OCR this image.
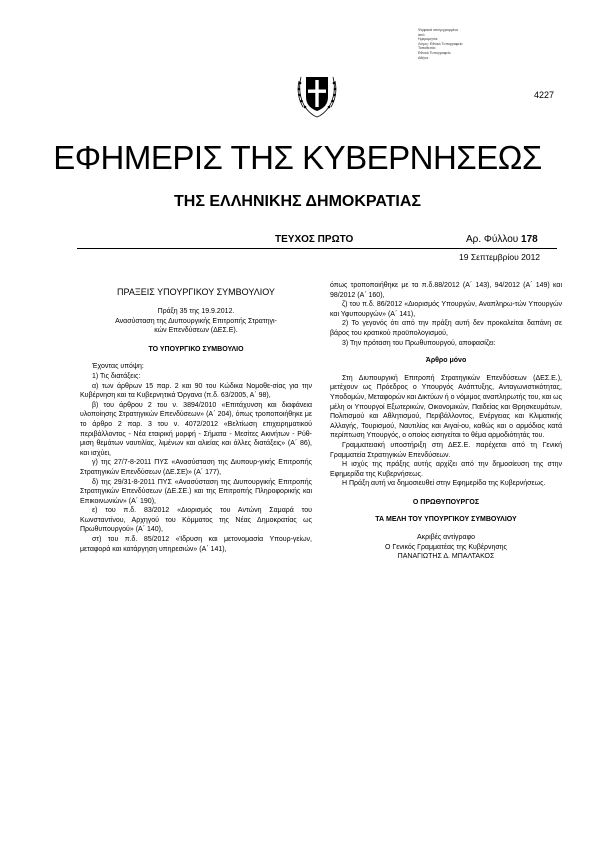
Ψηφιακά υπογεγραμμένο
από
Ημερομηνία:
Λόγος: Εθνικό Τυπογραφείο
Τοποθεσία:
Εθνικό Τυπογραφείο
Αθήνα
4227
ΕΦΗΜΕΡΙΣ ΤΗΣ ΚΥΒΕΡΝΗΣΕΩΣ
ΤΗΣ ΕΛΛΗΝΙΚΗΣ ΔΗΜΟΚΡΑΤΙΑΣ
ΤΕΥΧΟΣ ΠΡΩΤΟ	Αρ. Φύλλου 178
19 Σεπτεμβρίου 2012

ΠΡΑΞΕΙΣ ΥΠΟΥΡΓΙΚΟΥ ΣΥΜΒΟΥΛΙΟΥ

Πράξη 35 της 19.9.2012.

Ανασύσταση της Διυπουργικής Επιτροπής Στρατηγι-

κών Επενδύσεων (ΔΕΣ.Ε).

ΤΟ ΥΠΟΥΡΓΙΚΟ ΣΥΜΒΟΥΛΙΟ

Έχοντας υπόψη:

1) Τις διατάξεις:

α) των άρθρων 15 παρ. 2 και 90 του Κώδικα Νομοθε-σίας για την Κυβέρνηση και τα Κυβερνητικά Όργανα (π.δ. 63/2005, Α΄ 98),

β) του άρθρου 2 του ν. 3894/2010 «Επιτάχυνση και διαφάνεια υλοποίησης Στρατηγικών Επενδύσεων» (Α΄ 204), όπως τροποποιήθηκε με το άρθρο 2 παρ. 3 του ν. 4072/2012 «Βελτίωση επιχειρηματικού περιβάλλοντος - Νέα εταιρική μορφή - Σήματα - Μεσίτες Ακινήτων - Ρύθ-μιση θεμάτων ναυτιλίας, λιμένων και αλιείας και άλλες διατάξεις» (Α΄ 86), και ισχύει,

γ) της 27/7-8-2011 ΠΥΣ «Ανασύσταση της Διυπουρ-γικής Επιτροπής Στρατηγικών Επενδύσεων (ΔΕ.ΣΕ)» (Α΄ 177),

δ) της 29/31-8-2011 ΠΥΣ «Ανασύσταση της Διυπουργικής Επιτροπής Στρατηγικών Επενδύσεων (ΔΕ.ΣΕ.) και της Επιτροπής Πληροφορικής και Επικοινωνιών» (Α΄ 190),

ε) του π.δ. 83/2012 «Διορισμός του Αντώνη Σαμαρά του Κωνσταντίνου, Αρχηγού του Κόμματος της Νέας Δημοκρατίας ως Πρωθυπουργού» (Α΄ 140),

στ) του π.δ. 85/2012 «Ίδρυση και μετονομασία Υπουρ-γείων, μεταφορά και κατάργηση υπηρεσιών» (Α΄ 141),

όπως τροποποιήθηκε με τα π.δ.88/2012 (Α΄ 143), 94/2012 (Α΄ 149) και 98/2012 (Α΄ 160),

ζ) του π.δ. 86/2012 «Διορισμός Υπουργών, Αναπληρω-τών Υπουργών και Υφυπουργών» (Α΄ 141),

2) Το γεγονός ότι από την πράξη αυτή δεν προκαλείται δαπάνη σε βάρος του κρατικού προϋπολογισμού,

3) Την πρόταση του Πρωθυπουργού, αποφασίζει:

Άρθρο μόνο

Στη Διυπουργική Επιτροπή Στρατηγικών Επενδύσεων (ΔΕΣ.Ε.), μετέχουν ως Πρόεδρος ο Υπουργός Ανάπτυξης, Ανταγωνιστικότητας, Υποδομών, Μεταφορών και Δικτύων ή ο νόμιμος αναπληρωτής του, και ως μέλη οι Υπουργοί Εξωτερικών, Οικονομικών, Παιδείας και Θρησκευμάτων, Πολιτισμού και Αθλητισμού, Περιβάλλοντος, Ενέργειας και Κλιματικής Αλλαγής, Τουρισμού, Ναυτιλίας και Αιγαί-ου, καθώς και ο αρμόδιος κατά περίπτωση Υπουργός, ο οποίος εισηγείται το θέμα αρμοδιότητάς του.

Γραμματειακή υποστήριξη στη ΔΕΣ.Ε. παρέχεται από τη Γενική Γραμματεία Στρατηγικών Επενδύσεων.

Η ισχύς της πράξης αυτής αρχίζει από την δημοσίευση της στην Εφημερίδα της Κυβερνήσεως.

Η Πράξη αυτή να δημοσιευθεί στην Εφημερίδα της Κυβερνήσεως.

Ο ΠΡΩΘΥΠΟΥΡΓΟΣ

ΤΑ ΜΕΛΗ ΤΟΥ ΥΠΟΥΡΓΙΚΟΥ ΣΥΜΒΟΥΛΙΟΥ

Ακριβές αντίγραφο

Ο Γενικός Γραμματέας της Κυβέρνησης

ΠΑΝΑΓΙΩΤΗΣ Δ. ΜΠΑΛΤΑΚΟΣ
